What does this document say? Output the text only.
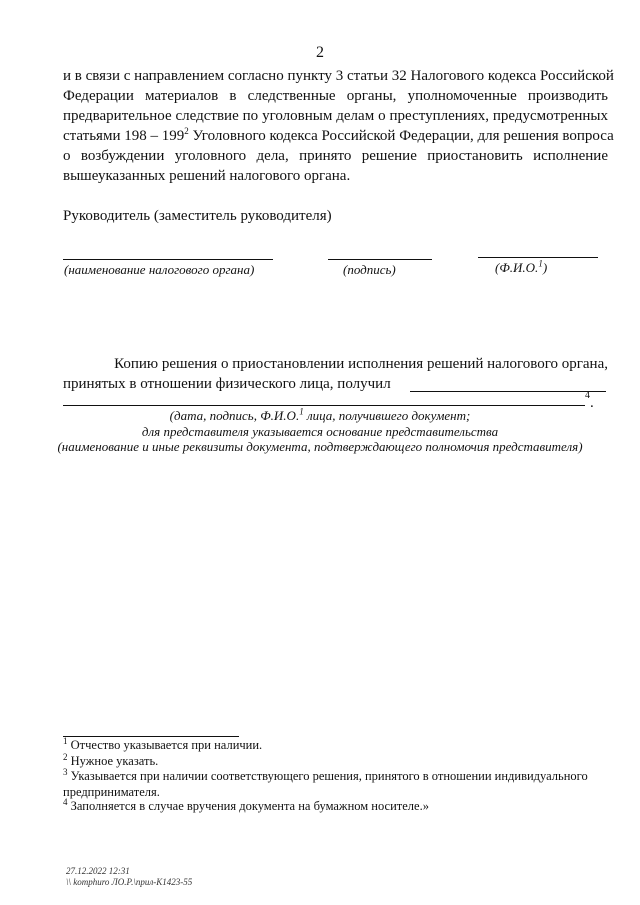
2
и в связи с направлением согласно пункту 3 статьи 32 Налогового кодекса Российской
Федерации материалов в следственные органы, уполномоченные производить
предварительное следствие по уголовным делам о преступлениях, предусмотренных
статьями $198 - 199^2$ Уголовного кодекса Российской Федерации, для решения вопроса
о возбуждении уголовного дела, принято решение приостановить исполнение
вышеуказанных решений налогового органа.
Руководитель (заместитель руководителя)
(наименование налогового органа)	(подпись)	(Ф.И.О.$^1$)
Копию решения о приостановлении исполнения решений налогового органа,
принятых в отношении физического лица, получил
4 .
(дата, подпись, Ф.И.О.$^1$ лица, получившего документ;
для представителя указывается основание представительства
(наименование и иные реквизиты документа, подтверждающего полномочия представителя)
$^1$ Отчество указывается при наличии.
$^2$ Нужное указать.
$^3$ Указывается при наличии соответствующего решения, принятого в отношении индивидуального
предпринимателя.
$^4$ Заполняется в случае вручения документа на бумажном носителе.»
27.12.2022 12:31
\\ komphuro ЛО.Р.\прил-К1423-55
